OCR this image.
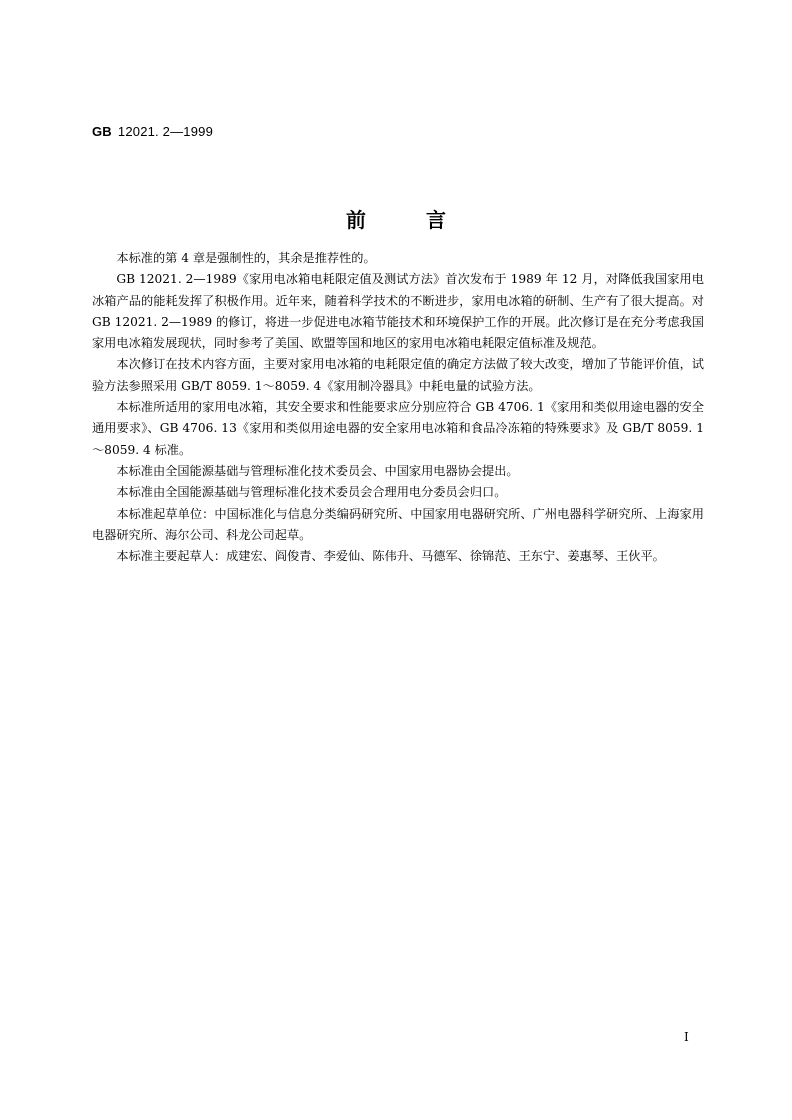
GB 12021. 2—1999
前言

本标准的第 4 章是强制性的，其余是推荐性的。

GB 12021. 2—1989《家用电冰箱电耗限定值及测试方法》首次发布于 1989 年 12 月，对降低我国家用电冰箱产品的能耗发挥了积极作用。近年来，随着科学技术的不断进步，家用电冰箱的研制、生产有了很大提高。对 GB 12021. 2—1989 的修订，将进一步促进电冰箱节能技术和环境保护工作的开展。此次修订是在充分考虑我国家用电冰箱发展现状，同时参考了美国、欧盟等国和地区的家用电冰箱电耗限定值标准及规范。

本次修订在技术内容方面，主要对家用电冰箱的电耗限定值的确定方法做了较大改变，增加了节能评价值，试验方法参照采用 GB/T 8059. 1～8059. 4《家用制冷器具》中耗电量的试验方法。

本标准所适用的家用电冰箱，其安全要求和性能要求应分别应符合 GB 4706. 1《家用和类似用途电器的安全　通用要求》、GB 4706. 13《家用和类似用途电器的安全家用电冰箱和食品冷冻箱的特殊要求》及 GB/T 8059. 1～8059. 4 标准。

本标准由全国能源基础与管理标准化技术委员会、中国家用电器协会提出。

本标准由全国能源基础与管理标准化技术委员会合理用电分委员会归口。

本标准起草单位：中国标准化与信息分类编码研究所、中国家用电器研究所、广州电器科学研究所、上海家用电器研究所、海尔公司、科龙公司起草。

本标准主要起草人：成建宏、阎俊青、李爱仙、陈伟升、马德军、徐锦范、王东宁、姜惠琴、王伙平。

I
